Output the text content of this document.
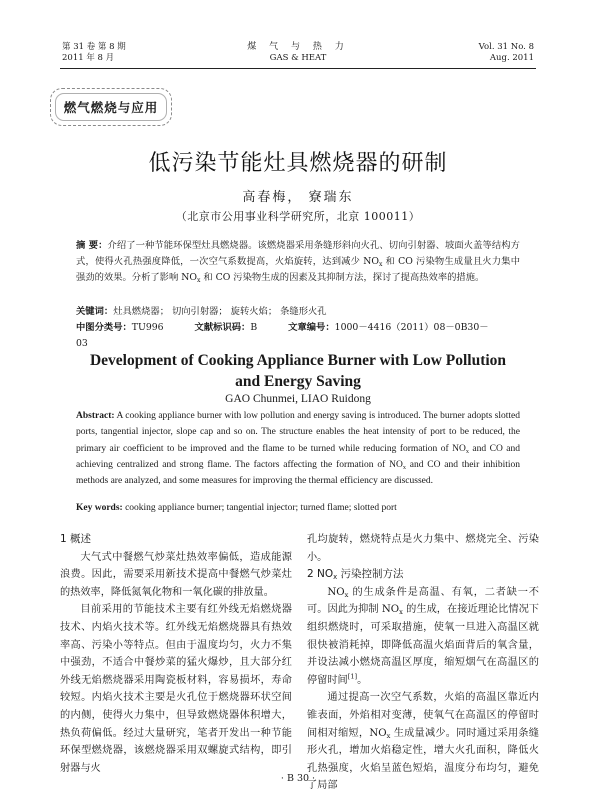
第 31 卷 第 8 期
2011 年 8 月
煤 气 与 热 力
GAS & HEAT
Vol. 31 No. 8
Aug. 2011
燃气燃烧与应用
低污染节能灶具燃烧器的研制
高春梅， 寮瑞东
（北京市公用事业科学研究所，北京 100011）
摘 要：介绍了一种节能环保型灶具燃烧器。该燃烧器采用条缝形斜向火孔、切向引射器、坡面火盖等结构方式，使得火孔热强度降低，一次空气系数提高，火焰旋转，达到减少 $NO_x$ 和 CO 污染物生成量且火力集中强劲的效果。分析了影响 $NO_x$ 和 CO 污染物生成的因素及其抑制方法，探讨了提高热效率的措施。
关键词：灶具燃烧器； 切向引射器； 旋转火焰； 条缝形火孔
中图分类号：TU996	文献标识码：B	文章编号：1000－4416（2011）08－0B30－03
Development of Cooking Appliance Burner with Low Pollution
and Energy Saving
GAO Chunmei, LIAO Ruidong
Abstract: A cooking appliance burner with low pollution and energy saving is introduced. The burner adopts slotted ports, tangential injector, slope cap and so on. The structure enables the heat intensity of port to be reduced, the primary air coefficient to be improved and the flame to be turned while reducing formation of $NO_x$ and CO and achieving centralized and strong flame. The factors affecting the formation of $NO_x$ and CO and their inhibition methods are analyzed, and some measures for improving the thermal efficiency are discussed.
Key words: cooking appliance burner; tangential injector; turned flame; slotted port

1 概述

大气式中餐燃气炒菜灶热效率偏低，造成能源浪费。因此，需要采用新技术提高中餐燃气炒菜灶的热效率，降低氮氧化物和一氧化碳的排放量。

目前采用的节能技术主要有红外线无焰燃烧器技术、内焰火技术等。红外线无焰燃烧器具有热效率高、污染小等特点。但由于温度均匀，火力不集中强劲，不适合中餐炒菜的猛火爆炒，且大部分红外线无焰燃烧器采用陶瓷板材料，容易损坏，寿命较短。内焰火技术主要是火孔位于燃烧器环状空间的内侧，使得火力集中，但导致燃烧器体积增大，热负荷偏低。经过大量研究，笔者开发出一种节能环保型燃烧器，该燃烧器采用双螺旋式结构，即引射器与火

孔均旋转，燃烧特点是火力集中、燃烧完全、污染小。

2 $NO_x$ 污染控制方法

$NO_x$ 的生成条件是高温、有氧，二者缺一不可。因此为抑制 $NO_x$ 的生成，在接近理论比情况下组织燃烧时，可采取措施，使氧一旦进入高温区就很快被消耗掉，即降低高温火焰面背后的氧含量，并设法减小燃烧高温区厚度，缩短烟气在高温区的停留时间[1]。

通过提高一次空气系数，火焰的高温区靠近内锥表面，外焰相对变薄，使氧气在高温区的停留时间相对缩短，$NO_x$ 生成量减少。同时通过采用条缝形火孔，增加火焰稳定性，增大火孔面积，降低火孔热强度，火焰呈蓝色短焰，温度分布均匀，避免了局部

· B 30 ·
